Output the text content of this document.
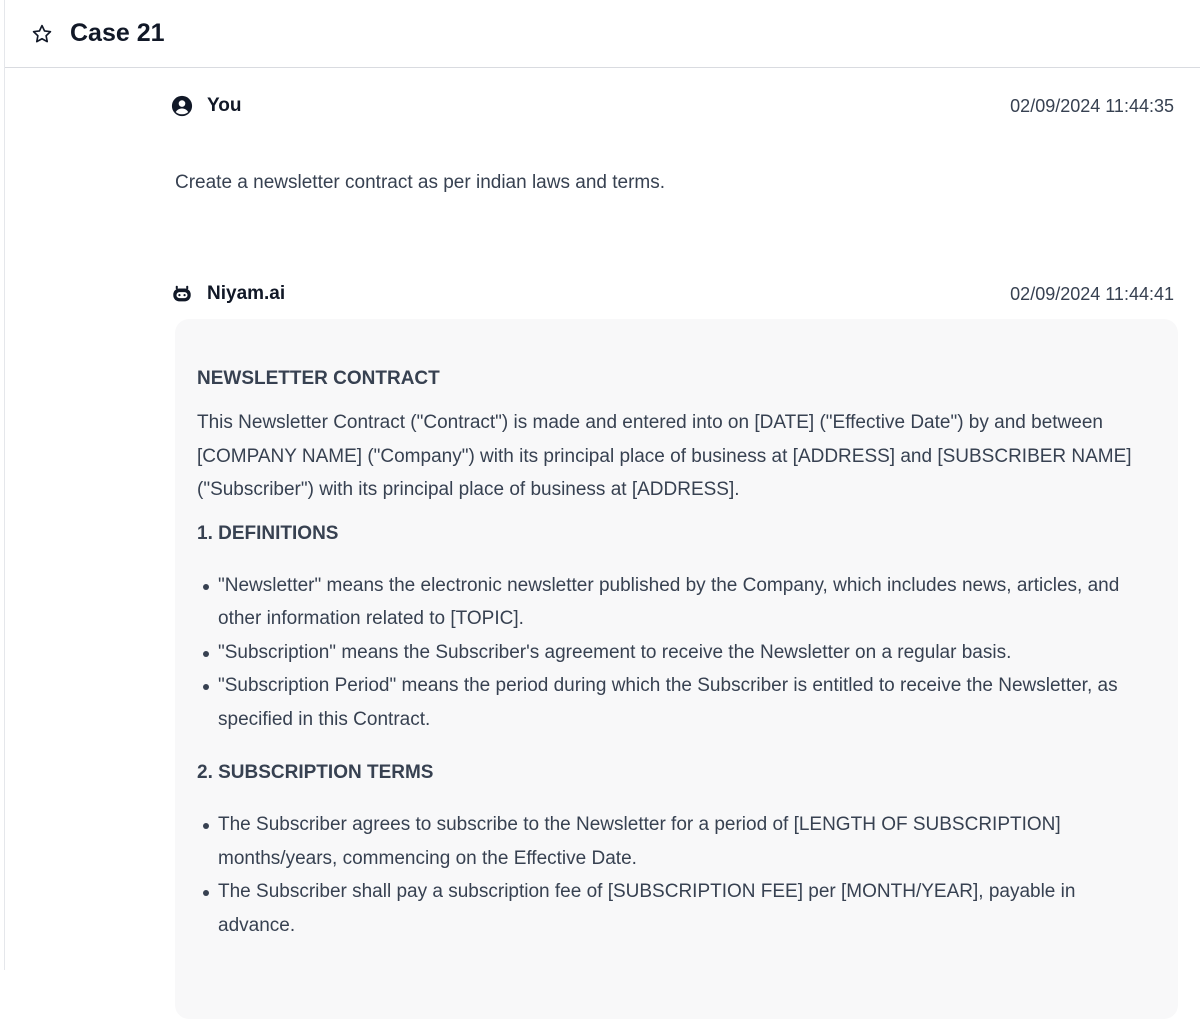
Case 21
You	02/09/2024 11:44:35
Create a newsletter contract as per indian laws and terms.
Niyam.ai	02/09/2024 11:44:41
NEWSLETTER CONTRACT

This Newsletter Contract ("Contract") is made and entered into on [DATE] ("Effective Date") by and between [COMPANY NAME] ("Company") with its principal place of business at [ADDRESS] and [SUBSCRIBER NAME] ("Subscriber") with its principal place of business at [ADDRESS].

1. DEFINITIONS
"Newsletter" means the electronic newsletter published by the Company, which includes news, articles, and other information related to [TOPIC].
"Subscription" means the Subscriber's agreement to receive the Newsletter on a regular basis.
"Subscription Period" means the period during which the Subscriber is entitled to receive the Newsletter, as specified in this Contract.
2. SUBSCRIPTION TERMS
The Subscriber agrees to subscribe to the Newsletter for a period of [LENGTH OF SUBSCRIPTION] months/years, commencing on the Effective Date.
The Subscriber shall pay a subscription fee of [SUBSCRIPTION FEE] per [MONTH/YEAR], payable in advance.
